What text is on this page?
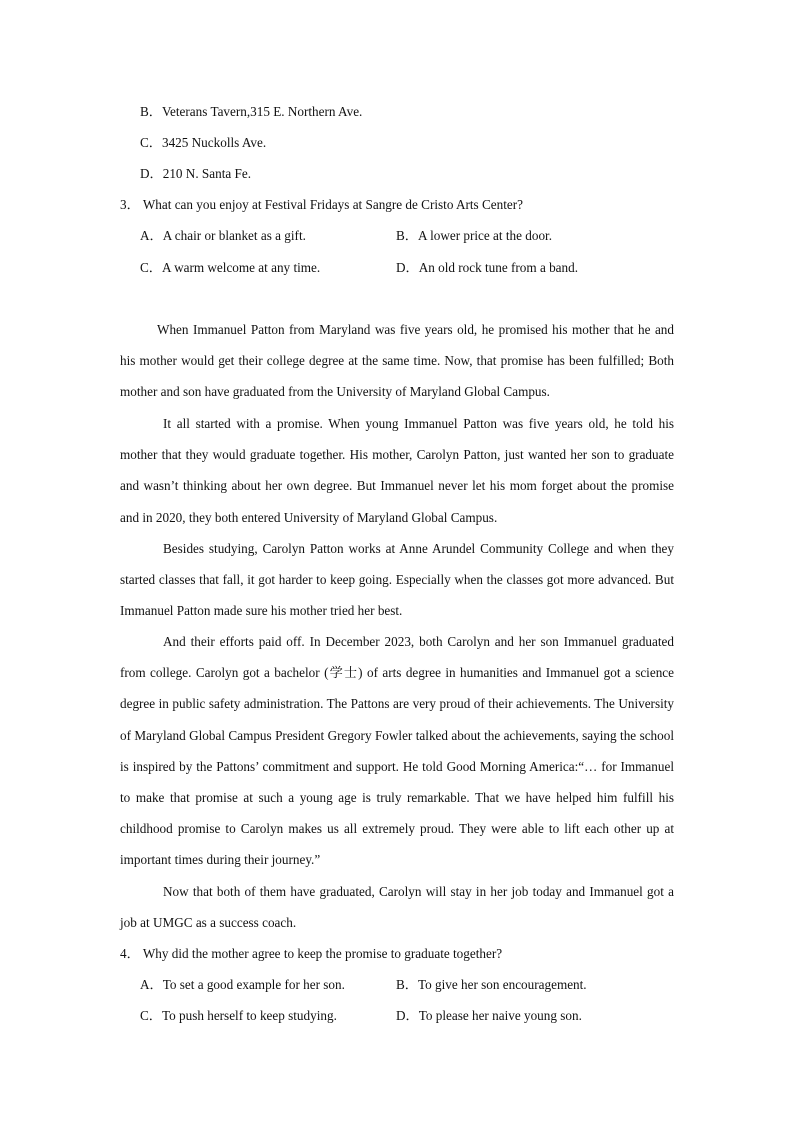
B．Veterans Tavern,315 E. Northern Ave.
C．3425 Nuckolls Ave.
D．210 N. Santa Fe.
3． What can you enjoy at Festival Fridays at Sangre de Cristo Arts Center?
A．A chair or blanket as a gift.	B．A lower price at the door.
C．A warm welcome at any time.	D．An old rock tune from a band.

When Immanuel Patton from Maryland was five years old, he promised his mother that he and his mother would get their college degree at the same time. Now, that promise has been fulfilled; Both mother and son have graduated from the University of Maryland Global Campus.

It all started with a promise. When young Immanuel Patton was five years old, he told his mother that they would graduate together. His mother, Carolyn Patton, just wanted her son to graduate and wasn’t thinking about her own degree. But Immanuel never let his mom forget about the promise and in 2020, they both entered University of Maryland Global Campus.

Besides studying, Carolyn Patton works at Anne Arundel Community College and when they started classes that fall, it got harder to keep going. Especially when the classes got more advanced. But Immanuel Patton made sure his mother tried her best.

And their efforts paid off. In December 2023, both Carolyn and her son Immanuel graduated from college. Carolyn got a bachelor (学士) of arts degree in humanities and Immanuel got a science degree in public safety administration. The Pattons are very proud of their achievements. The University of Maryland Global Campus President Gregory Fowler talked about the achievements, saying the school is inspired by the Pattons’ commitment and support. He told Good Morning America:“… for Immanuel to make that promise at such a young age is truly remarkable. That we have helped him fulfill his childhood promise to Carolyn makes us all extremely proud. They were able to lift each other up at important times during their journey.”

Now that both of them have graduated, Carolyn will stay in her job today and Immanuel got a job at UMGC as a success coach.

4． Why did the mother agree to keep the promise to graduate together?
A．To set a good example for her son.	B．To give her son encouragement.
C．To push herself to keep studying.	D．To please her naive young son.
